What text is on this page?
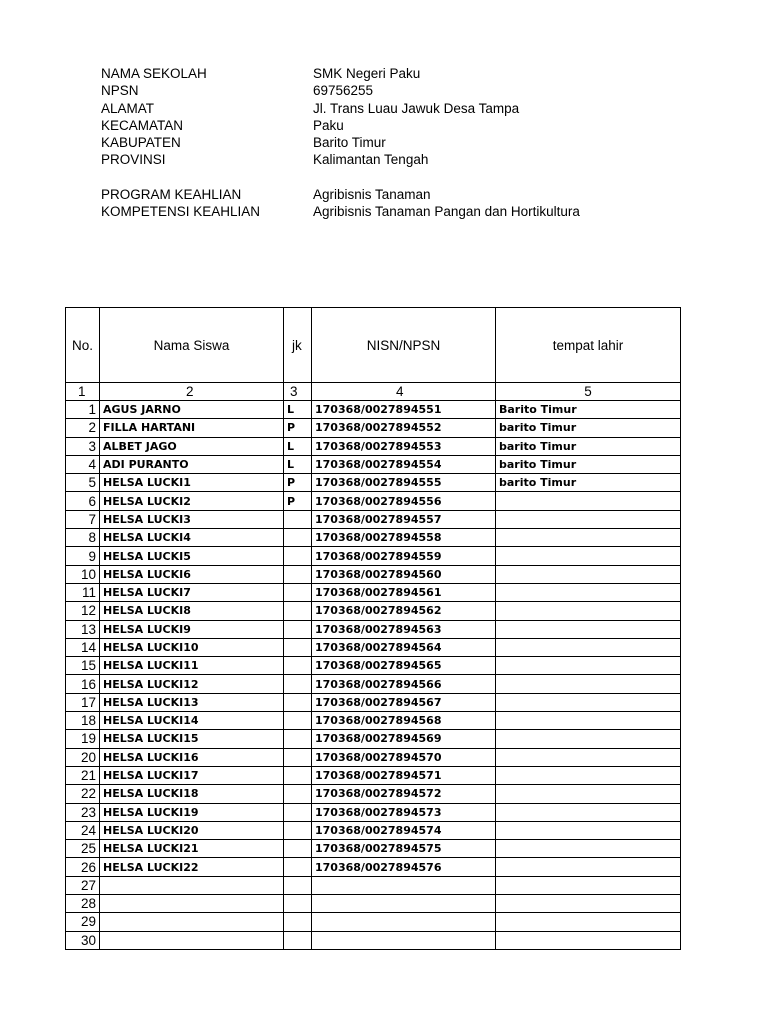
NAMA SEKOLAH	SMK Negeri Paku
NPSN	69756255
ALAMAT	Jl. Trans Luau Jawuk Desa Tampa
KECAMATAN	Paku
KABUPATEN	Barito Timur
PROVINSI	Kalimantan Tengah
PROGRAM KEAHLIAN	Agribisnis Tanaman
KOMPETENSI KEAHLIAN	Agribisnis Tanaman Pangan dan Hortikultura
No.	Nama Siswa	jk	NISN/NPSN	tempat lahir
1	2	3	4	5
1	AGUS JARNO	L	170368/0027894551	Barito Timur
2	FILLA HARTANI	P	170368/0027894552	barito Timur
3	ALBET JAGO	L	170368/0027894553	barito Timur
4	ADI PURANTO	L	170368/0027894554	barito Timur
5	HELSA LUCKI1	P	170368/0027894555	barito Timur
6	HELSA LUCKI2	P	170368/0027894556	
7	HELSA LUCKI3		170368/0027894557	
8	HELSA LUCKI4		170368/0027894558	
9	HELSA LUCKI5		170368/0027894559	
10	HELSA LUCKI6		170368/0027894560	
11	HELSA LUCKI7		170368/0027894561	
12	HELSA LUCKI8		170368/0027894562	
13	HELSA LUCKI9		170368/0027894563	
14	HELSA LUCKI10		170368/0027894564	
15	HELSA LUCKI11		170368/0027894565	
16	HELSA LUCKI12		170368/0027894566	
17	HELSA LUCKI13		170368/0027894567	
18	HELSA LUCKI14		170368/0027894568	
19	HELSA LUCKI15		170368/0027894569	
20	HELSA LUCKI16		170368/0027894570	
21	HELSA LUCKI17		170368/0027894571	
22	HELSA LUCKI18		170368/0027894572	
23	HELSA LUCKI19		170368/0027894573	
24	HELSA LUCKI20		170368/0027894574	
25	HELSA LUCKI21		170368/0027894575	
26	HELSA LUCKI22		170368/0027894576	
27				
28				
29				
30				
